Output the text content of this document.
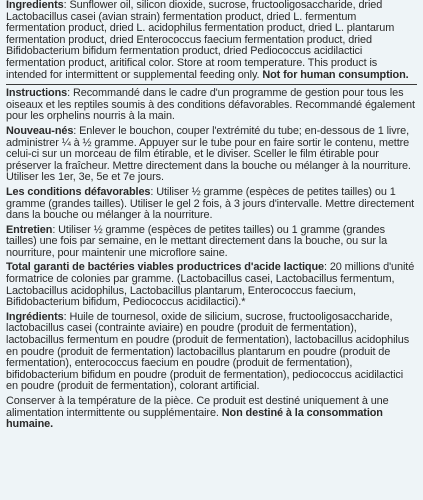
Ingredients: Sunflower oil, silicon dioxide, sucrose, fructooligosaccharide, dried Lactobacillus casei (avian strain) fermentation product, dried L. fermentum fermentation product, dried L. acidophilus fermentation product, dried L. plantarum fermentation product, dried Enterococcus faecium fermentation product, dried Bifidobacterium bifidum fermentation product, dried Pediococcus acidilactici fermentation product, aritifical color. Store at room temperature. This product is intended for intermittent or supplemental feeding only. Not for human consumption.

Instructions: Recommandé dans le cadre d'un programme de gestion pour tous les oiseaux et les reptiles soumis à des conditions défavorables. Recommandé également pour les orphelins nourris à la main.

Nouveau-nés: Enlever le bouchon, couper l'extrémité du tube; en-dessous de 1 livre, administrer ¼ à ½ gramme. Appuyer sur le tube pour en faire sortir le contenu, mettre celui-ci sur un morceau de film étirable, et le diviser. Sceller le film étirable pour préserver la fraîcheur. Mettre directement dans la bouche ou mélanger à la nourriture. Utiliser les 1er, 3e, 5e et 7e jours.

Les conditions défavorables: Utiliser ½ gramme (espèces de petites tailles) ou 1 gramme (grandes tailles). Utiliser le gel 2 fois, à 3 jours d'intervalle. Mettre directement dans la bouche ou mélanger à la nourriture.

Entretien: Utiliser ½ gramme (espèces de petites tailles) ou 1 gramme (grandes tailles) une fois par semaine, en le mettant directement dans la bouche, ou sur la nourriture, pour maintenir une microflore saine.

Total garanti de bactéries viables productrices d'acide lactique: 20 millions d'unité formatrice de colonies par gramme. (Lactobacillus casei, Lactobacillus fermentum, Lactobacillus acidophilus, Lactobacillus plantarum, Enterococcus faecium, Bifidobacterium bifidum, Pediococcus acidilactici).*

Ingrédients: Huile de tournesol, oxide de silicium, sucrose, fructooligosaccharide, lactobacillus casei (contrainte aviaire) en poudre (produit de fermentation), lactobacillus fermentum en poudre (produit de fermentation), lactobacillus acidophilus en poudre (produit de fermentation) lactobacillus plantarum en poudre (produit de fermentation), enterococcus faecium en poudre (produit de fermentation), bifidobacterium bifidum en poudre (produit de fermentation), pediococcus acidilactici en poudre (produit de fermentation), colorant artificial.

Conserver à la température de la pièce. Ce produit est destiné uniquement à une alimentation intermittente ou supplémentaire. Non destiné à la consommation humaine.
